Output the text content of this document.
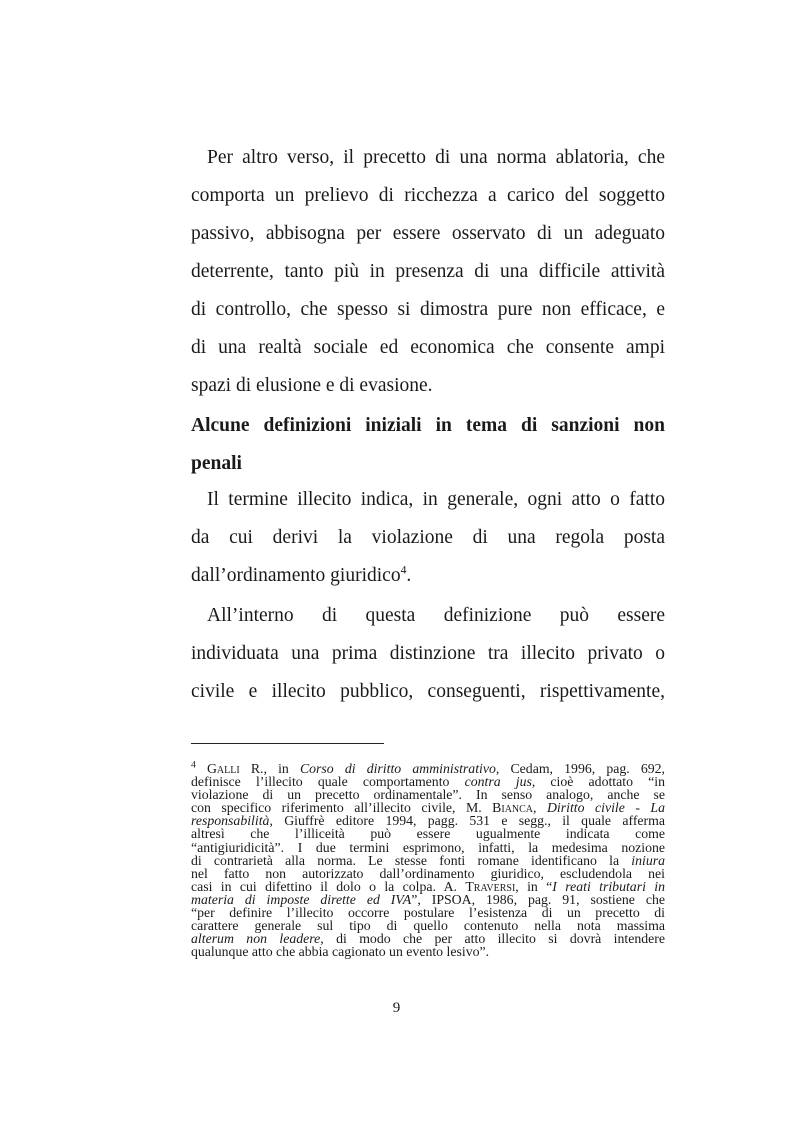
Per altro verso, il precetto di una norma ablatoria, che
comporta un prelievo di ricchezza a carico del soggetto
passivo, abbisogna per essere osservato di un adeguato
deterrente, tanto più in presenza di una difficile attività
di controllo, che spesso si dimostra pure non efficace, e
di una realtà sociale ed economica che consente ampi
spazi di elusione e di evasione.
Alcune definizioni iniziali in tema di sanzioni non
penali
Il termine illecito indica, in generale, ogni atto o fatto
da cui derivi la violazione di una regola posta
dall’ordinamento giuridico$^4$.
All’interno di questa definizione può essere
individuata una prima distinzione tra illecito privato o
civile e illecito pubblico, conseguenti, rispettivamente,
$^4$ Galli R., in Corso di diritto amministrativo, Cedam, 1996, pag. 692,
definisce l’illecito quale comportamento contra jus, cioè adottato “in
violazione di un precetto ordinamentale”. In senso analogo, anche se
con specifico riferimento all’illecito civile, M. Bianca, Diritto civile - La
responsabilità, Giuffrè editore 1994, pagg. 531 e segg., il quale afferma
altresì che l’illiceità può essere ugualmente indicata come
“antigiuridicità”. I due termini esprimono, infatti, la medesima nozione
di contrarietà alla norma. Le stesse fonti romane identificano la iniura
nel fatto non autorizzato dall’ordinamento giuridico, escludendola nei
casi in cui difettino il dolo o la colpa. A. Traversi, in “I reati tributari in
materia di imposte dirette ed IVA”, IPSOA, 1986, pag. 91, sostiene che
“per definire l’illecito occorre postulare l’esistenza di un precetto di
carattere generale sul tipo di quello contenuto nella nota massima
alterum non leadere, di modo che per atto illecito si dovrà intendere
qualunque atto che abbia cagionato un evento lesivo”.
9
